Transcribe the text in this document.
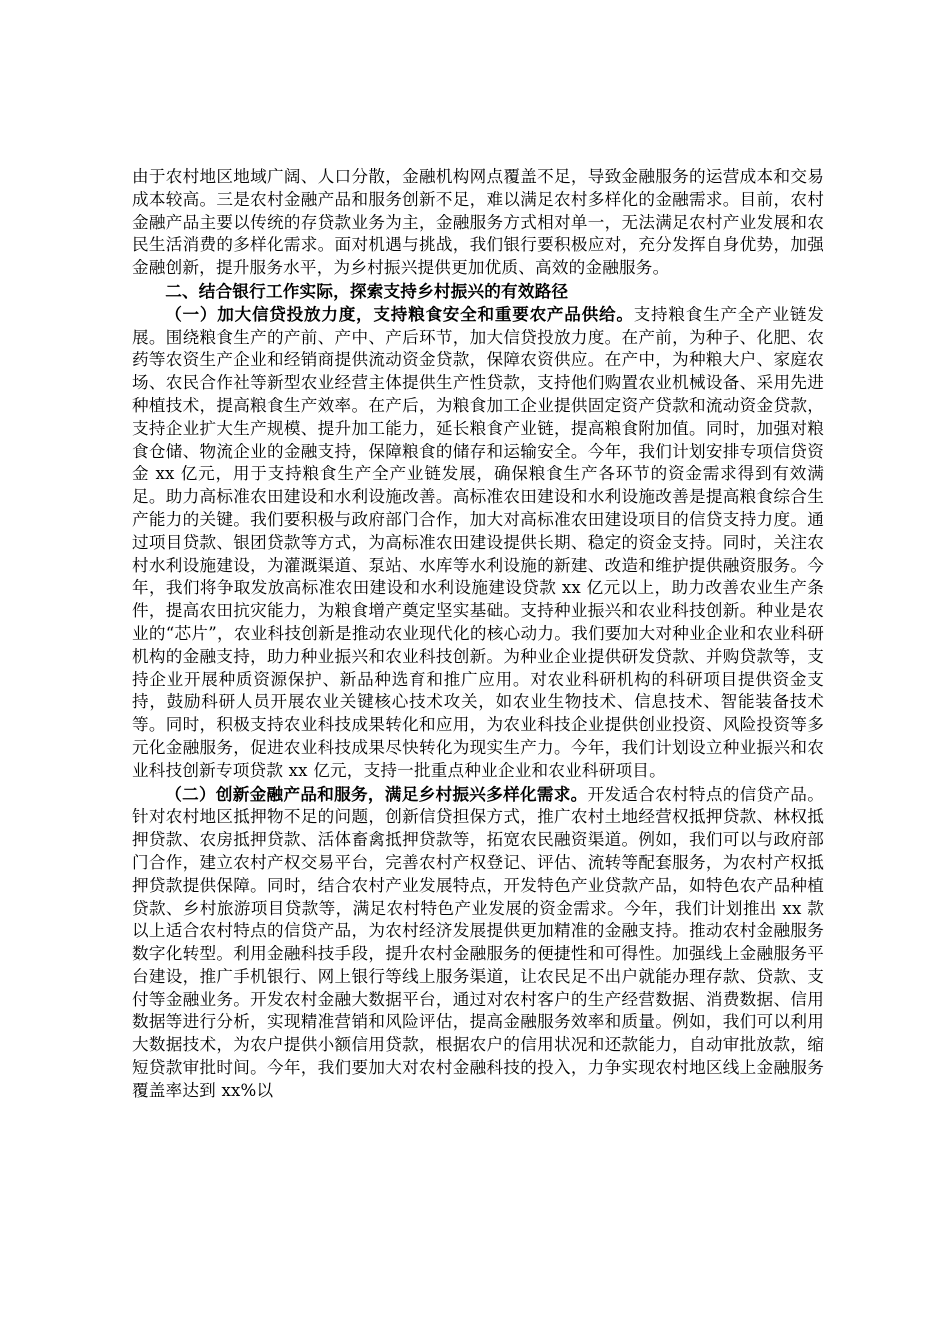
由于农村地区地域广阔、人口分散，金融机构网点覆盖不足，导致金融服务的运营成本和交易成本较高。三是农村金融产品和服务创新不足，难以满足农村多样化的金融需求。目前，农村金融产品主要以传统的存贷款业务为主，金融服务方式相对单一，无法满足农村产业发展和农民生活消费的多样化需求。面对机遇与挑战，我们银行要积极应对，充分发挥自身优势，加强金融创新，提升服务水平，为乡村振兴提供更加优质、高效的金融服务。

二、结合银行工作实际，探索支持乡村振兴的有效路径

（一）加大信贷投放力度，支持粮食安全和重要农产品供给。支持粮食生产全产业链发展。围绕粮食生产的产前、产中、产后环节，加大信贷投放力度。在产前，为种子、化肥、农药等农资生产企业和经销商提供流动资金贷款，保障农资供应。在产中，为种粮大户、家庭农场、农民合作社等新型农业经营主体提供生产性贷款，支持他们购置农业机械设备、采用先进种植技术，提高粮食生产效率。在产后，为粮食加工企业提供固定资产贷款和流动资金贷款，支持企业扩大生产规模、提升加工能力，延长粮食产业链，提高粮食附加值。同时，加强对粮食仓储、物流企业的金融支持，保障粮食的储存和运输安全。今年，我们计划安排专项信贷资金 xx 亿元，用于支持粮食生产全产业链发展，确保粮食生产各环节的资金需求得到有效满足。助力高标准农田建设和水利设施改善。高标准农田建设和水利设施改善是提高粮食综合生产能力的关键。我们要积极与政府部门合作，加大对高标准农田建设项目的信贷支持力度。通过项目贷款、银团贷款等方式，为高标准农田建设提供长期、稳定的资金支持。同时，关注农村水利设施建设，为灌溉渠道、泵站、水库等水利设施的新建、改造和维护提供融资服务。今年，我们将争取发放高标准农田建设和水利设施建设贷款 xx 亿元以上，助力改善农业生产条件，提高农田抗灾能力，为粮食增产奠定坚实基础。支持种业振兴和农业科技创新。种业是农业的“芯片”，农业科技创新是推动农业现代化的核心动力。我们要加大对种业企业和农业科研机构的金融支持，助力种业振兴和农业科技创新。为种业企业提供研发贷款、并购贷款等，支持企业开展种质资源保护、新品种选育和推广应用。对农业科研机构的科研项目提供资金支持，鼓励科研人员开展农业关键核心技术攻关，如农业生物技术、信息技术、智能装备技术等。同时，积极支持农业科技成果转化和应用，为农业科技企业提供创业投资、风险投资等多元化金融服务，促进农业科技成果尽快转化为现实生产力。今年，我们计划设立种业振兴和农业科技创新专项贷款 xx 亿元，支持一批重点种业企业和农业科研项目。

（二）创新金融产品和服务，满足乡村振兴多样化需求。开发适合农村特点的信贷产品。针对农村地区抵押物不足的问题，创新信贷担保方式，推广农村土地经营权抵押贷款、林权抵押贷款、农房抵押贷款、活体畜禽抵押贷款等，拓宽农民融资渠道。例如，我们可以与政府部门合作，建立农村产权交易平台，完善农村产权登记、评估、流转等配套服务，为农村产权抵押贷款提供保障。同时，结合农村产业发展特点，开发特色产业贷款产品，如特色农产品种植贷款、乡村旅游项目贷款等，满足农村特色产业发展的资金需求。今年，我们计划推出 xx 款以上适合农村特点的信贷产品，为农村经济发展提供更加精准的金融支持。推动农村金融服务数字化转型。利用金融科技手段，提升农村金融服务的便捷性和可得性。加强线上金融服务平台建设，推广手机银行、网上银行等线上服务渠道，让农民足不出户就能办理存款、贷款、支付等金融业务。开发农村金融大数据平台，通过对农村客户的生产经营数据、消费数据、信用数据等进行分析，实现精准营销和风险评估，提高金融服务效率和质量。例如，我们可以利用大数据技术，为农户提供小额信用贷款，根据农户的信用状况和还款能力，自动审批放款，缩短贷款审批时间。今年，我们要加大对农村金融科技的投入，力争实现农村地区线上金融服务覆盖率达到 xx%以
